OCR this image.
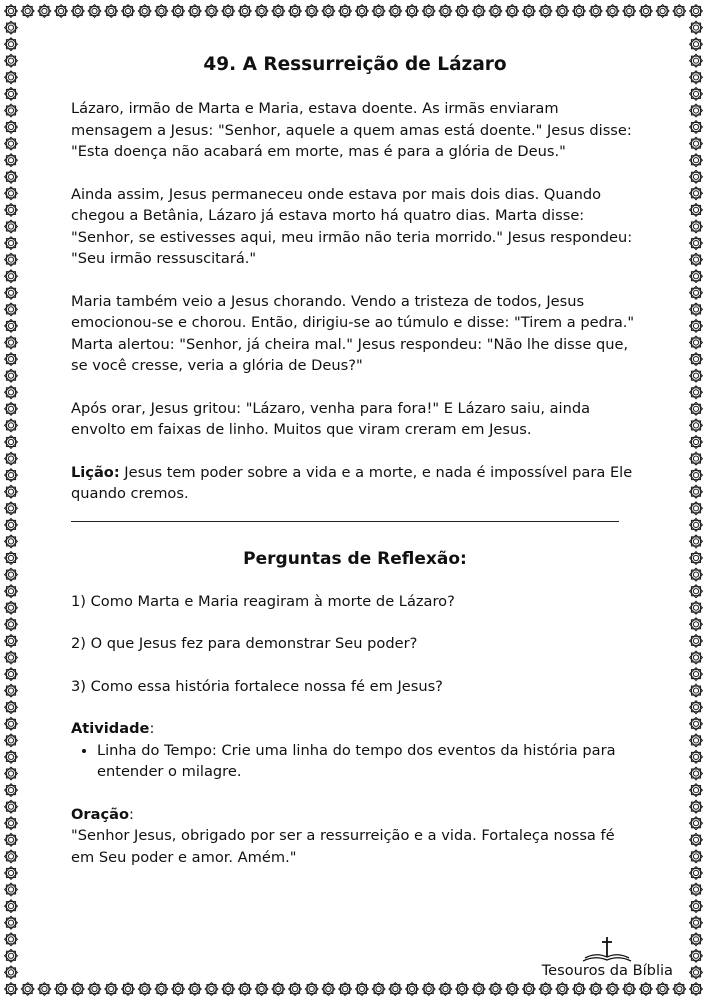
49. A Ressurreição de Lázaro

Lázaro, irmão de Marta e Maria, estava doente. As irmãs enviaram mensagem a Jesus: "Senhor, aquele a quem amas está doente." Jesus disse: "Esta doença não acabará em morte, mas é para a glória de Deus."

Ainda assim, Jesus permaneceu onde estava por mais dois dias. Quando chegou a Betânia, Lázaro já estava morto há quatro dias. Marta disse: "Senhor, se estivesses aqui, meu irmão não teria morrido." Jesus respondeu: "Seu irmão ressuscitará."

Maria também veio a Jesus chorando. Vendo a tristeza de todos, Jesus emocionou-se e chorou. Então, dirigiu-se ao túmulo e disse: "Tirem a pedra." Marta alertou: "Senhor, já cheira mal." Jesus respondeu: "Não lhe disse que, se você cresse, veria a glória de Deus?"

Após orar, Jesus gritou: "Lázaro, venha para fora!" E Lázaro saiu, ainda envolto em faixas de linho. Muitos que viram creram em Jesus.

Lição: Jesus tem poder sobre a vida e a morte, e nada é impossível para Ele quando cremos.

Perguntas de Reflexão:

1) Como Marta e Maria reagiram à morte de Lázaro?

2) O que Jesus fez para demonstrar Seu poder?

3) Como essa história fortalece nossa fé em Jesus?

Atividade:
• Linha do Tempo: Crie uma linha do tempo dos eventos da história para entender o milagre.
Oração:
"Senhor Jesus, obrigado por ser a ressurreição e a vida. Fortaleça nossa fé em Seu poder e amor. Amém."
Tesouros da Bíblia
